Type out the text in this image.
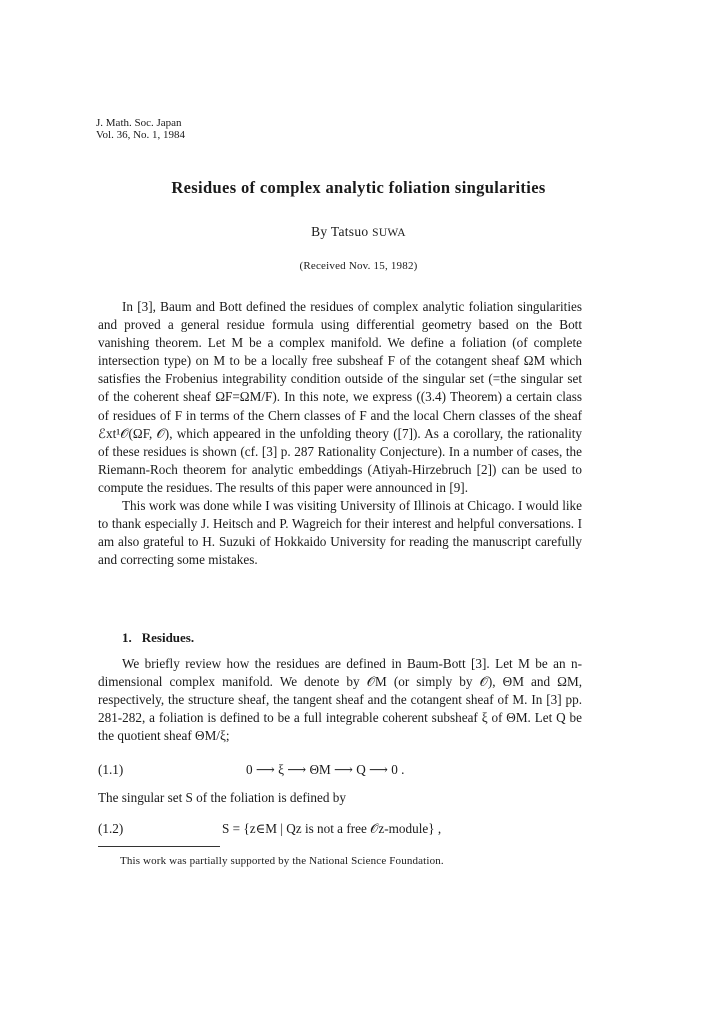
J. Math. Soc. Japan
Vol. 36, No. 1, 1984
Residues of complex analytic foliation singularities
By Tatsuo SUWA
(Received Nov. 15, 1982)

In [3], Baum and Bott defined the residues of complex analytic foliation singularities and proved a general residue formula using differential geometry based on the Bott vanishing theorem. Let M be a complex manifold. We define a foliation (of complete intersection type) on M to be a locally free subsheaf F of the cotangent sheaf ΩM which satisfies the Frobenius integrability condition outside of the singular set (=the singular set of the coherent sheaf ΩF=ΩM/F). In this note, we express ((3.4) Theorem) a certain class of residues of F in terms of the Chern classes of F and the local Chern classes of the sheaf ℰxt¹𝒪(ΩF, 𝒪), which appeared in the unfolding theory ([7]). As a corollary, the rationality of these residues is shown (cf. [3] p. 287 Rationality Conjecture). In a number of cases, the Riemann-Roch theorem for analytic embeddings (Atiyah-Hirzebruch [2]) can be used to compute the residues. The results of this paper were announced in [9].

This work was done while I was visiting University of Illinois at Chicago. I would like to thank especially J. Heitsch and P. Wagreich for their interest and helpful conversations. I am also grateful to H. Suzuki of Hokkaido University for reading the manuscript carefully and correcting some mistakes.

1. Residues.

We briefly review how the residues are defined in Baum-Bott [3]. Let M be an n-dimensional complex manifold. We denote by 𝒪M (or simply by 𝒪), ΘM and ΩM, respectively, the structure sheaf, the tangent sheaf and the cotangent sheaf of M. In [3] pp. 281-282, a foliation is defined to be a full integrable coherent subsheaf ξ of ΘM. Let Q be the quotient sheaf ΘM/ξ;

(1.1)	0 ⟶ ξ ⟶ ΘM ⟶ Q ⟶ 0 .
The singular set S of the foliation is defined by
(1.2)	S = {z∈M | Qz is not a free 𝒪z-module} ,
This work was partially supported by the National Science Foundation.
